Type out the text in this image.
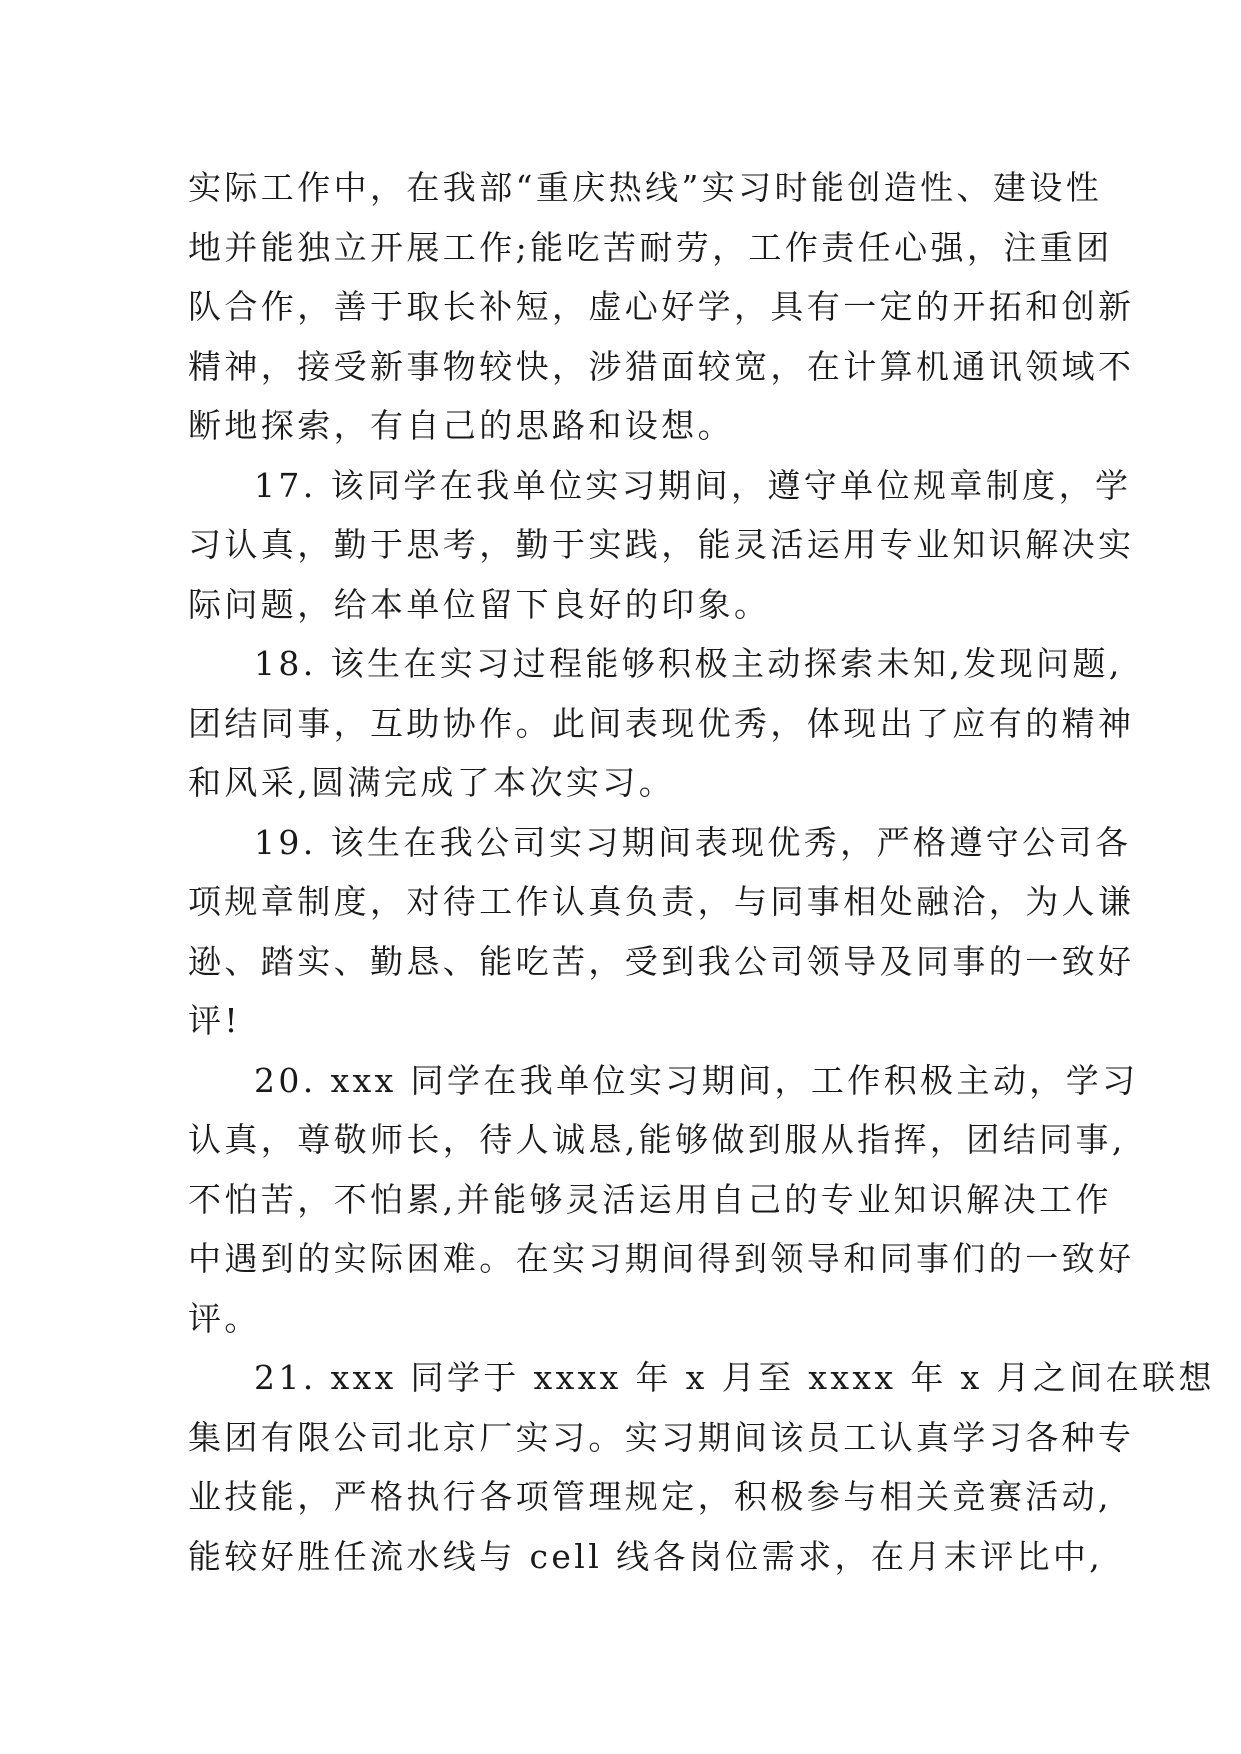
实际工作中，在我部“重庆热线”实习时能创造性、建设性
地并能独立开展工作;能吃苦耐劳，工作责任心强，注重团
队合作，善于取长补短，虚心好学，具有一定的开拓和创新
精神，接受新事物较快，涉猎面较宽，在计算机通讯领域不
断地探索，有自己的思路和设想。
17. 该同学在我单位实习期间，遵守单位规章制度，学
习认真，勤于思考，勤于实践，能灵活运用专业知识解决实
际问题，给本单位留下良好的印象。
18. 该生在实习过程能够积极主动探索未知,发现问题,
团结同事，互助协作。此间表现优秀，体现出了应有的精神
和风采,圆满完成了本次实习。
19. 该生在我公司实习期间表现优秀，严格遵守公司各
项规章制度，对待工作认真负责，与同事相处融洽，为人谦
逊、踏实、勤恳、能吃苦，受到我公司领导及同事的一致好
评!
20. xxx 同学在我单位实习期间，工作积极主动，学习
认真，尊敬师长，待人诚恳,能够做到服从指挥，团结同事,
不怕苦，不怕累,并能够灵活运用自己的专业知识解决工作
中遇到的实际困难。在实习期间得到领导和同事们的一致好
评。
21. xxx 同学于 xxxx 年 x 月至 xxxx 年 x 月之间在联想
集团有限公司北京厂实习。实习期间该员工认真学习各种专
业技能，严格执行各项管理规定，积极参与相关竞赛活动,
能较好胜任流水线与 cell 线各岗位需求，在月末评比中,
